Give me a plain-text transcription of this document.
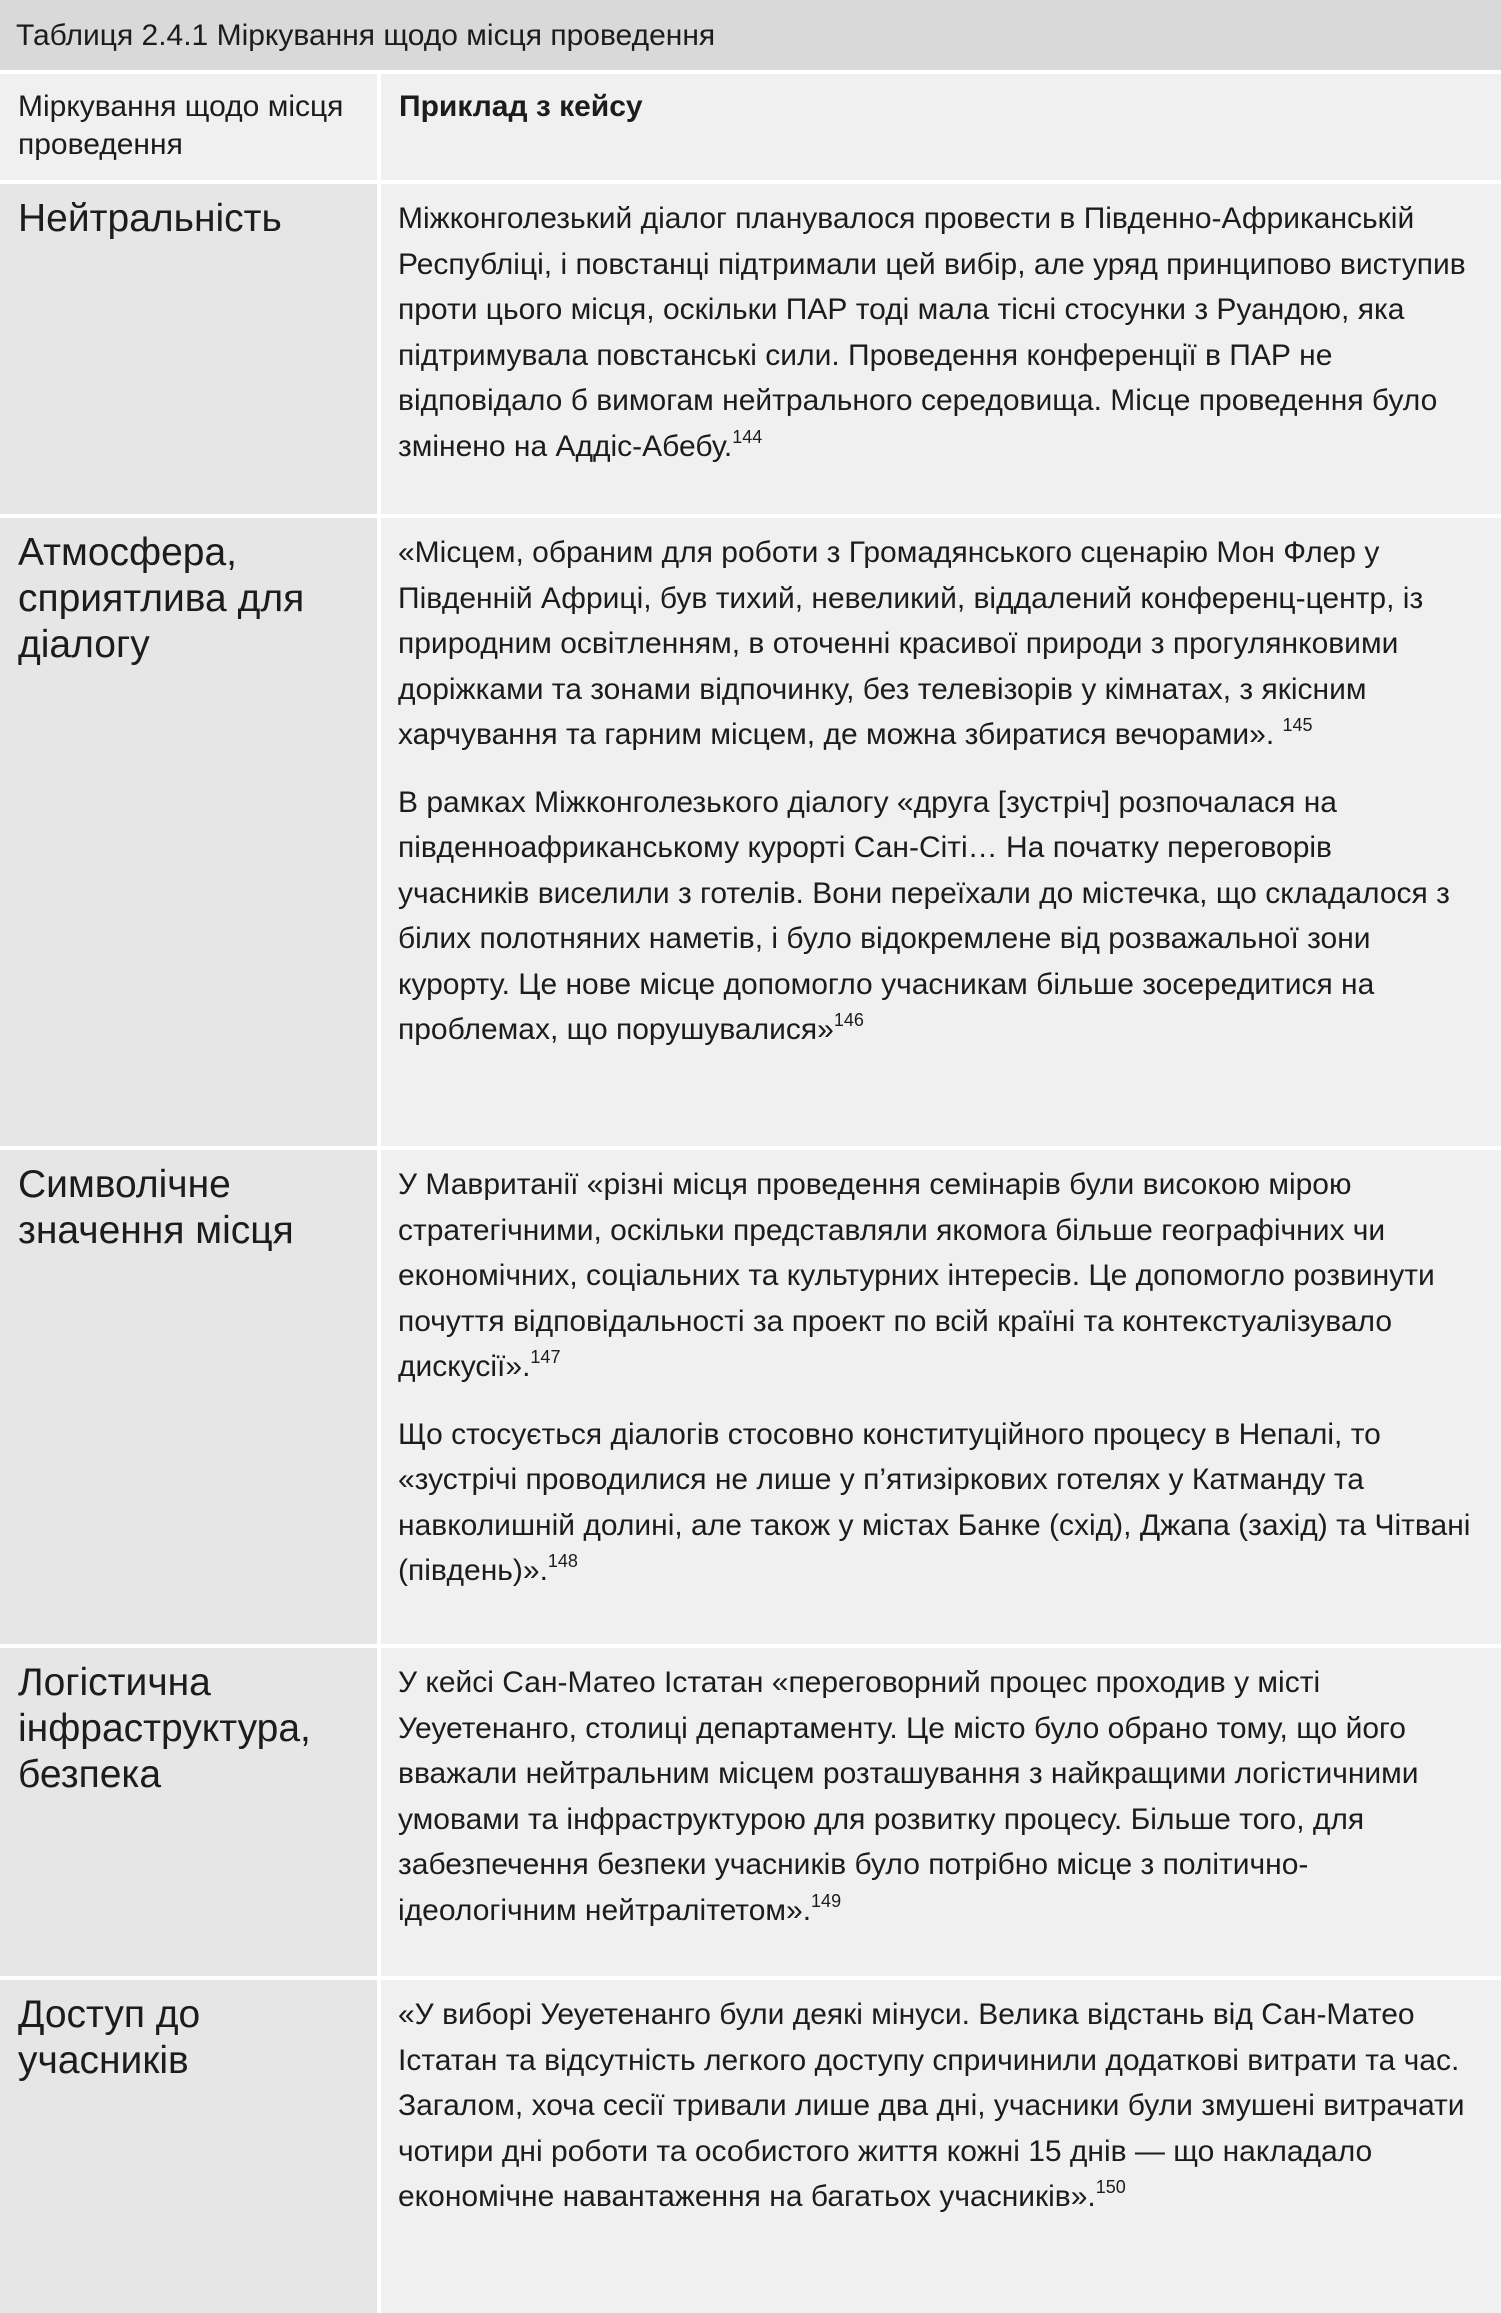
Таблиця 2.4.1 Міркування щодо місця проведення
Міркування щодо місця проведення
Приклад з кейсу
Нейтральність	Міжконголезький діалог планувалося провести в Південно-Африканській Республіці, і повстанці підтримали цей вибір, але уряд принципово виступив проти цього місця, оскільки ПАР тоді мала тісні стосунки з Руандою, яка підтримувала повстанські сили. Проведення конференції в ПАР не відповідало б вимогам нейтрального середовища. Місце проведення було змінено на Аддіс-Абебу.$^{144}$

Атмосфера, сприятлива для діалогу

«Місцем, обраним для роботи з Громадянського сценарію Мон Флер у Південній Африці, був тихий, невеликий, віддалений конференц-центр, із природним освітленням, в оточенні красивої природи з прогулянковими доріжками та зонами відпочинку, без телевізорів у кімнатах, з якісним харчування та гарним місцем, де можна збиратися вечорами». $^{145}$

В рамках Міжконголезького діалогу «друга [зустріч] розпочалася на південноафриканському курорті Сан-Сіті… На початку переговорів учасників виселили з готелів. Вони переїхали до містечка, що складалося з білих полотняних наметів, і було відокремлене від розважальної зони курорту. Це нове місце допомогло учасникам більше зосередитися на проблемах, що порушувалися»$^{146}$

Символічне значення місця

У Мавританії «різні місця проведення семінарів були високою мірою стратегічними, оскільки представляли якомога більше географічних чи економічних, соціальних та культурних інтересів. Це допомогло розвинути почуття відповідальності за проект по всій країні та контекстуалізувало дискусії».$^{147}$

Що стосується діалогів стосовно конституційного процесу в Непалі, то «зустрічі проводилися не лише у п’ятизіркових готелях у Катманду та навколишній долині, але також у містах Банке (схід), Джапа (захід) та Чітвані (південь)».$^{148}$

Логістична інфраструктура, безпека

У кейсі Сан-Матео Істатан «переговорний процес проходив у місті Уеуетенанго, столиці департаменту. Це місто було обрано тому, що його вважали нейтральним місцем розташування з найкращими логістичними умовами та інфраструктурою для розвитку процесу. Більше того, для забезпечення безпеки учасників було потрібно місце з політично-ідеологічним нейтралітетом».$^{149}$

Доступ до учасників

«У виборі Уеуетенанго були деякі мінуси. Велика відстань від Сан-Матео Істатан та відсутність легкого доступу спричинили додаткові витрати та час. Загалом, хоча сесії тривали лише два дні, учасники були змушені витрачати чотири дні роботи та особистого життя кожні 15 днів — що накладало економічне навантаження на багатьох учасників».$^{150}$
